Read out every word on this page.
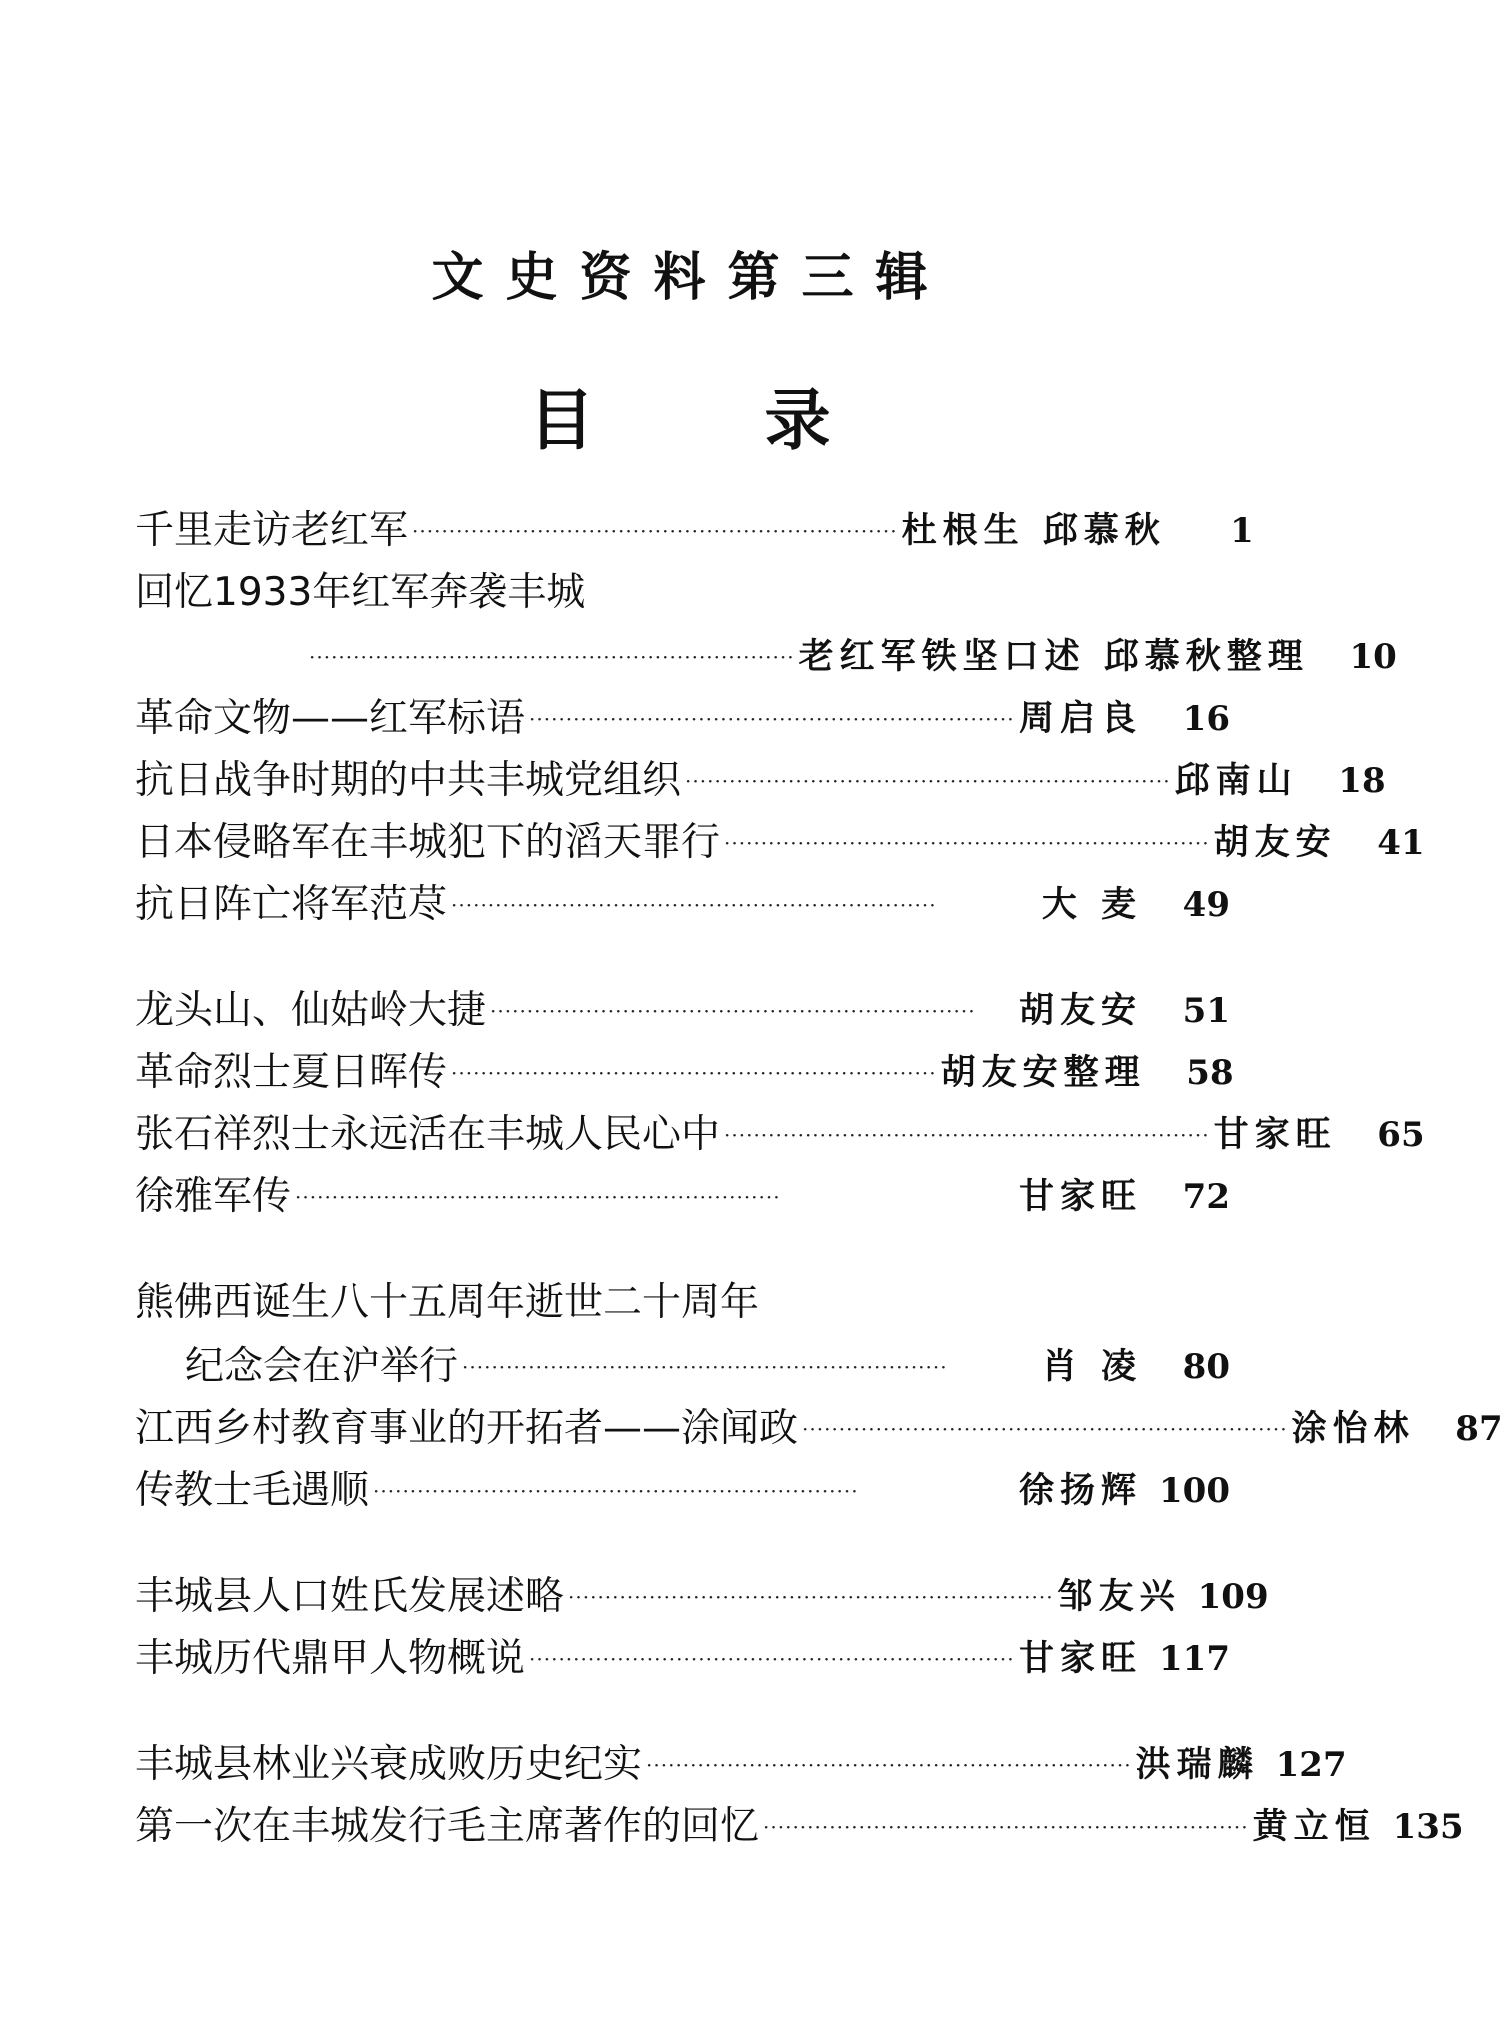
文史资料第三辑
目录
千里走访老红军 ·································································· 杜根生 邱慕秋	1
回忆1933年红军奔袭丰城
·································································· 老红军铁坚口述 邱慕秋整理	10
革命文物——红军标语 ·································································· 周启良	16
抗日战争时期的中共丰城党组织 ·································································· 邱南山	18
日本侵略军在丰城犯下的滔天罪行 ·································································· 胡友安	41
抗日阵亡将军范荩 ··································································	大 麦	49
龙头山、仙姑岭大捷 ··································································	胡友安	51
革命烈士夏日晖传 ·································································· 胡友安整理	58
张石祥烈士永远活在丰城人民心中 ·································································· 甘家旺	65
徐雅军传 ··································································	甘家旺	72
熊佛西诞生八十五周年逝世二十周年
纪念会在沪举行 ··································································	肖 凌	80
江西乡村教育事业的开拓者——涂闻政 ·································································· 涂怡林	87
传教士毛遇顺 ··································································	徐扬辉 100
丰城县人口姓氏发展述略 ·································································· 邹友兴 109
丰城历代鼎甲人物概说 ·································································· 甘家旺 117
丰城县林业兴衰成败历史纪实 ·································································· 洪瑞麟 127
第一次在丰城发行毛主席著作的回忆 ·································································· 黄立恒 135
